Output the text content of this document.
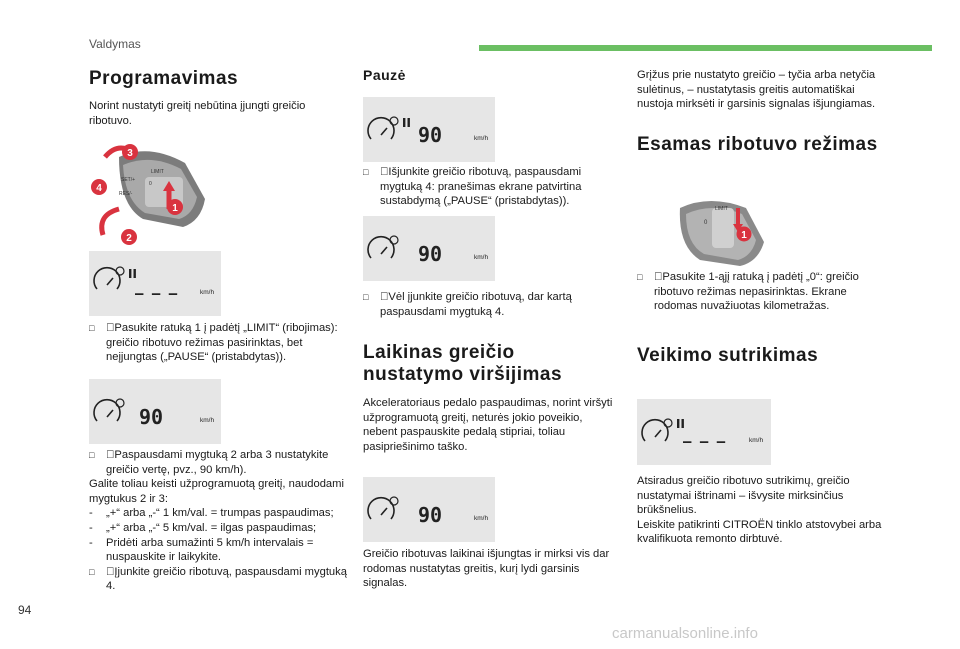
Valdymas
Programavimas

Norint nustatyti greitį nebūtina įjungti greičio ribotuvo.

3
4
2
1
LIMIT
0
SET/+
RES/-
– – –	km/h

□ Pasukite ratuką 1 į padėtį „LIMIT“ (ribojimas): greičio ribotuvo režimas pasirinktas, bet neįjungtas („PAUSE“ (pristabdytas)).

90	km/h

□ Paspausdami mygtuką 2 arba 3 nustatykite greičio vertę, pvz., 90 km/h).

Galite toliau keisti užprogramuotą greitį, naudodami mygtukus 2 ir 3:

- „+“ arba „-“ 1 km/val. = trumpas paspaudimas;

- „+“ arba „-“ 5 km/val. = ilgas paspaudimas;

- Pridėti arba sumažinti 5 km/h intervalais = nuspauskite ir laikykite.

□ Įjunkite greičio ribotuvą, paspausdami mygtuką 4.

Pauzė
90	km/h

□ Išjunkite greičio ribotuvą, paspausdami mygtuką 4: pranešimas ekrane patvirtina sustabdymą („PAUSE“ (pristabdytas)).

90	km/h

□ Vėl įjunkite greičio ribotuvą, dar kartą paspausdami mygtuką 4.

Laikinas greičio nustatymo viršijimas

Akceleratoriaus pedalo paspaudimas, norint viršyti užprogramuotą greitį, neturės jokio poveikio, nebent paspauskite pedalą stipriai, toliau pasipriešinimo taško.

90	km/h

Greičio ribotuvas laikinai išjungtas ir mirksi vis dar rodomas nustatytas greitis, kurį lydi garsinis signalas.

Grįžus prie nustatyto greičio – tyčia arba netyčia sulėtinus, – nustatytasis greitis automatiškai nustoja mirksėti ir garsinis signalas išjungiamas.

Esamas ribotuvo režimas
1
LIMIT
0

□ Pasukite 1-ąjį ratuką į padėtį „0“: greičio ribotuvo režimas nepasirinktas. Ekrane rodomas nuvažiuotas kilometražas.

Veikimo sutrikimas
– – –	km/h

Atsiradus greičio ribotuvo sutrikimų, greičio nustatymai ištrinami – išvysite mirksinčius brūkšnelius.

Leiskite patikrinti CITROËN tinklo atstovybei arba kvalifikuota remonto dirbtuvė.

94
carmanualsonline.info
